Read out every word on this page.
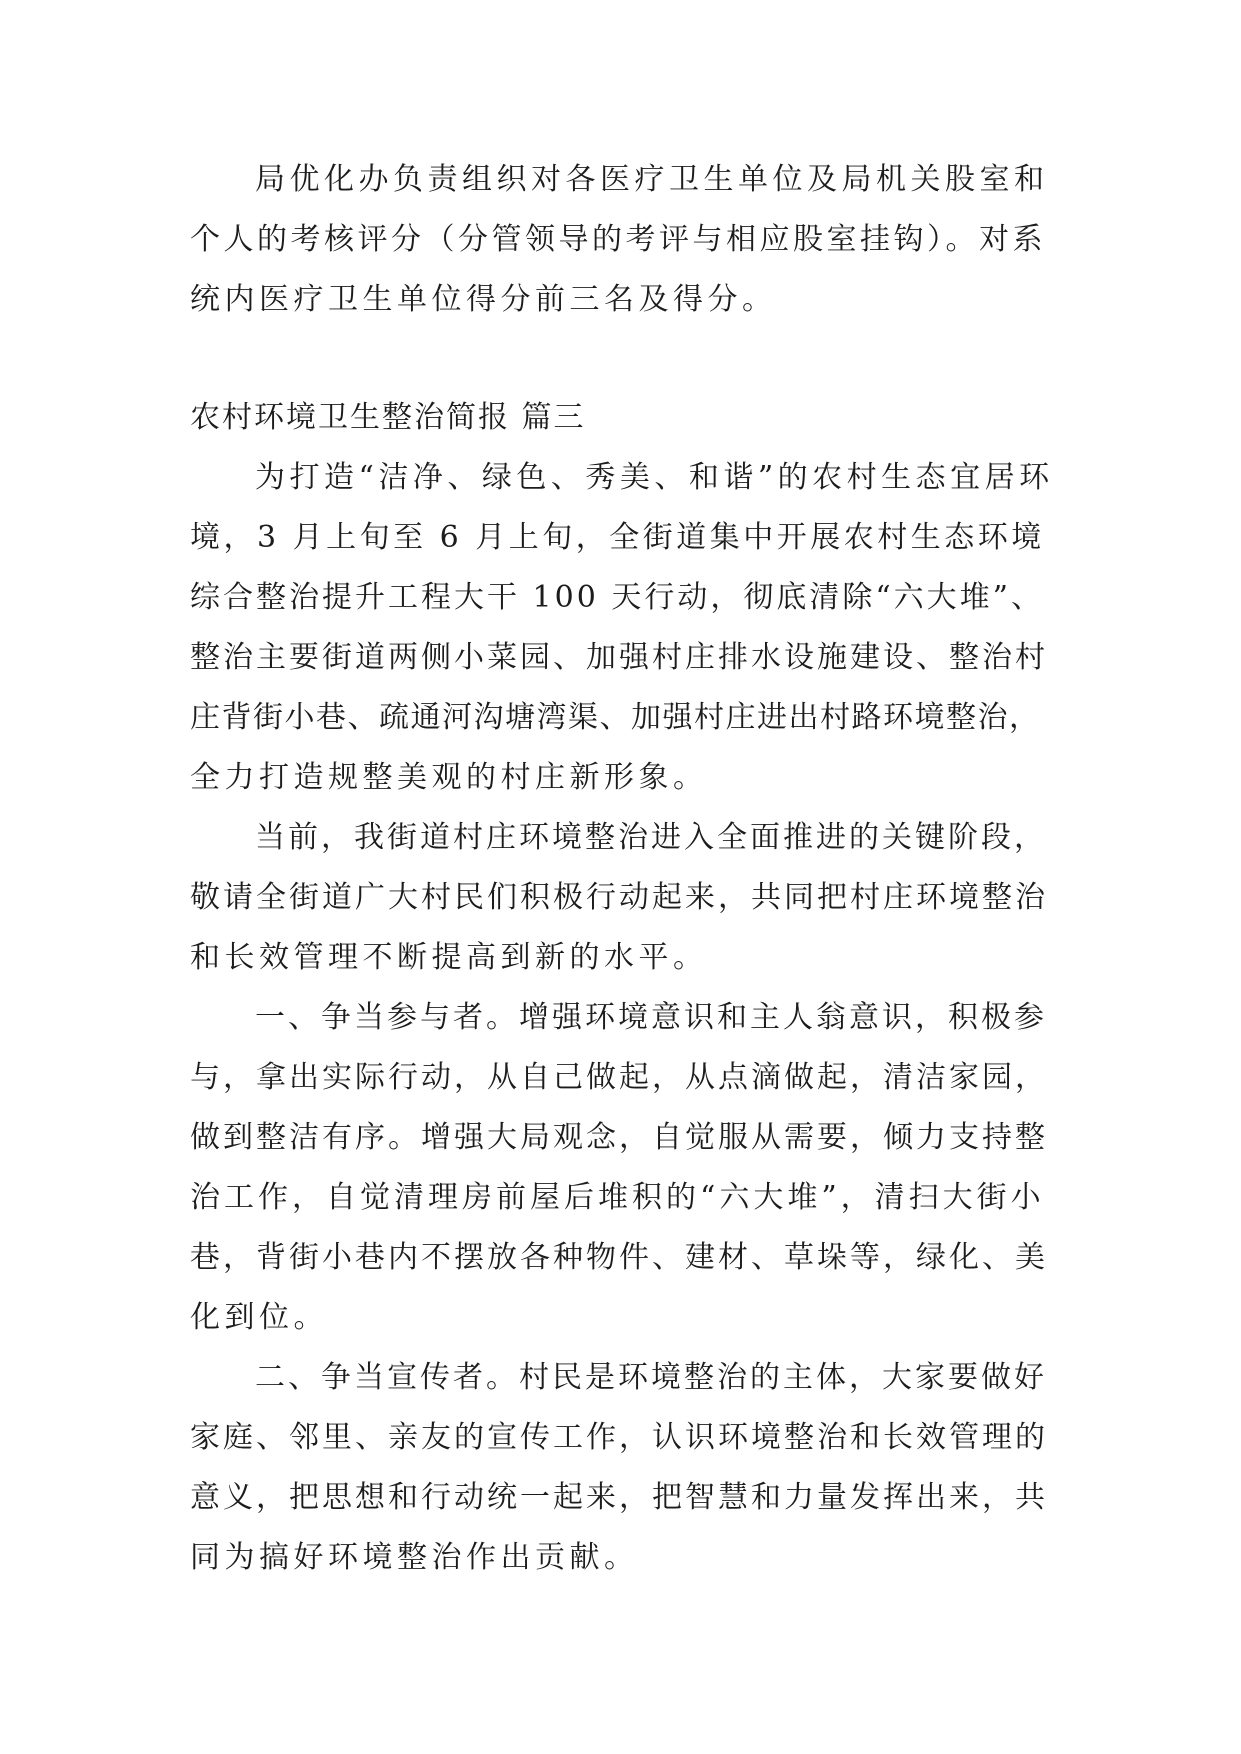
局优化办负责组织对各医疗卫生单位及局机关股室和
个人的考核评分（分管领导的考评与相应股室挂钩）。对系
统内医疗卫生单位得分前三名及得分。
农村环境卫生整治简报 篇三
为打造“洁净、绿色、秀美、和谐”的农村生态宜居环
境，3 月上旬至 6 月上旬，全街道集中开展农村生态环境
综合整治提升工程大干 100 天行动，彻底清除“六大堆”、
整治主要街道两侧小菜园、加强村庄排水设施建设、整治村
庄背街小巷、疏通河沟塘湾渠、加强村庄进出村路环境整治，
全力打造规整美观的村庄新形象。
当前，我街道村庄环境整治进入全面推进的关键阶段，
敬请全街道广大村民们积极行动起来，共同把村庄环境整治
和长效管理不断提高到新的水平。
一、争当参与者。增强环境意识和主人翁意识，积极参
与，拿出实际行动，从自己做起，从点滴做起，清洁家园，
做到整洁有序。增强大局观念，自觉服从需要，倾力支持整
治工作，自觉清理房前屋后堆积的“六大堆”，清扫大街小
巷，背街小巷内不摆放各种物件、建材、草垛等，绿化、美
化到位。
二、争当宣传者。村民是环境整治的主体，大家要做好
家庭、邻里、亲友的宣传工作，认识环境整治和长效管理的
意义，把思想和行动统一起来，把智慧和力量发挥出来，共
同为搞好环境整治作出贡献。
